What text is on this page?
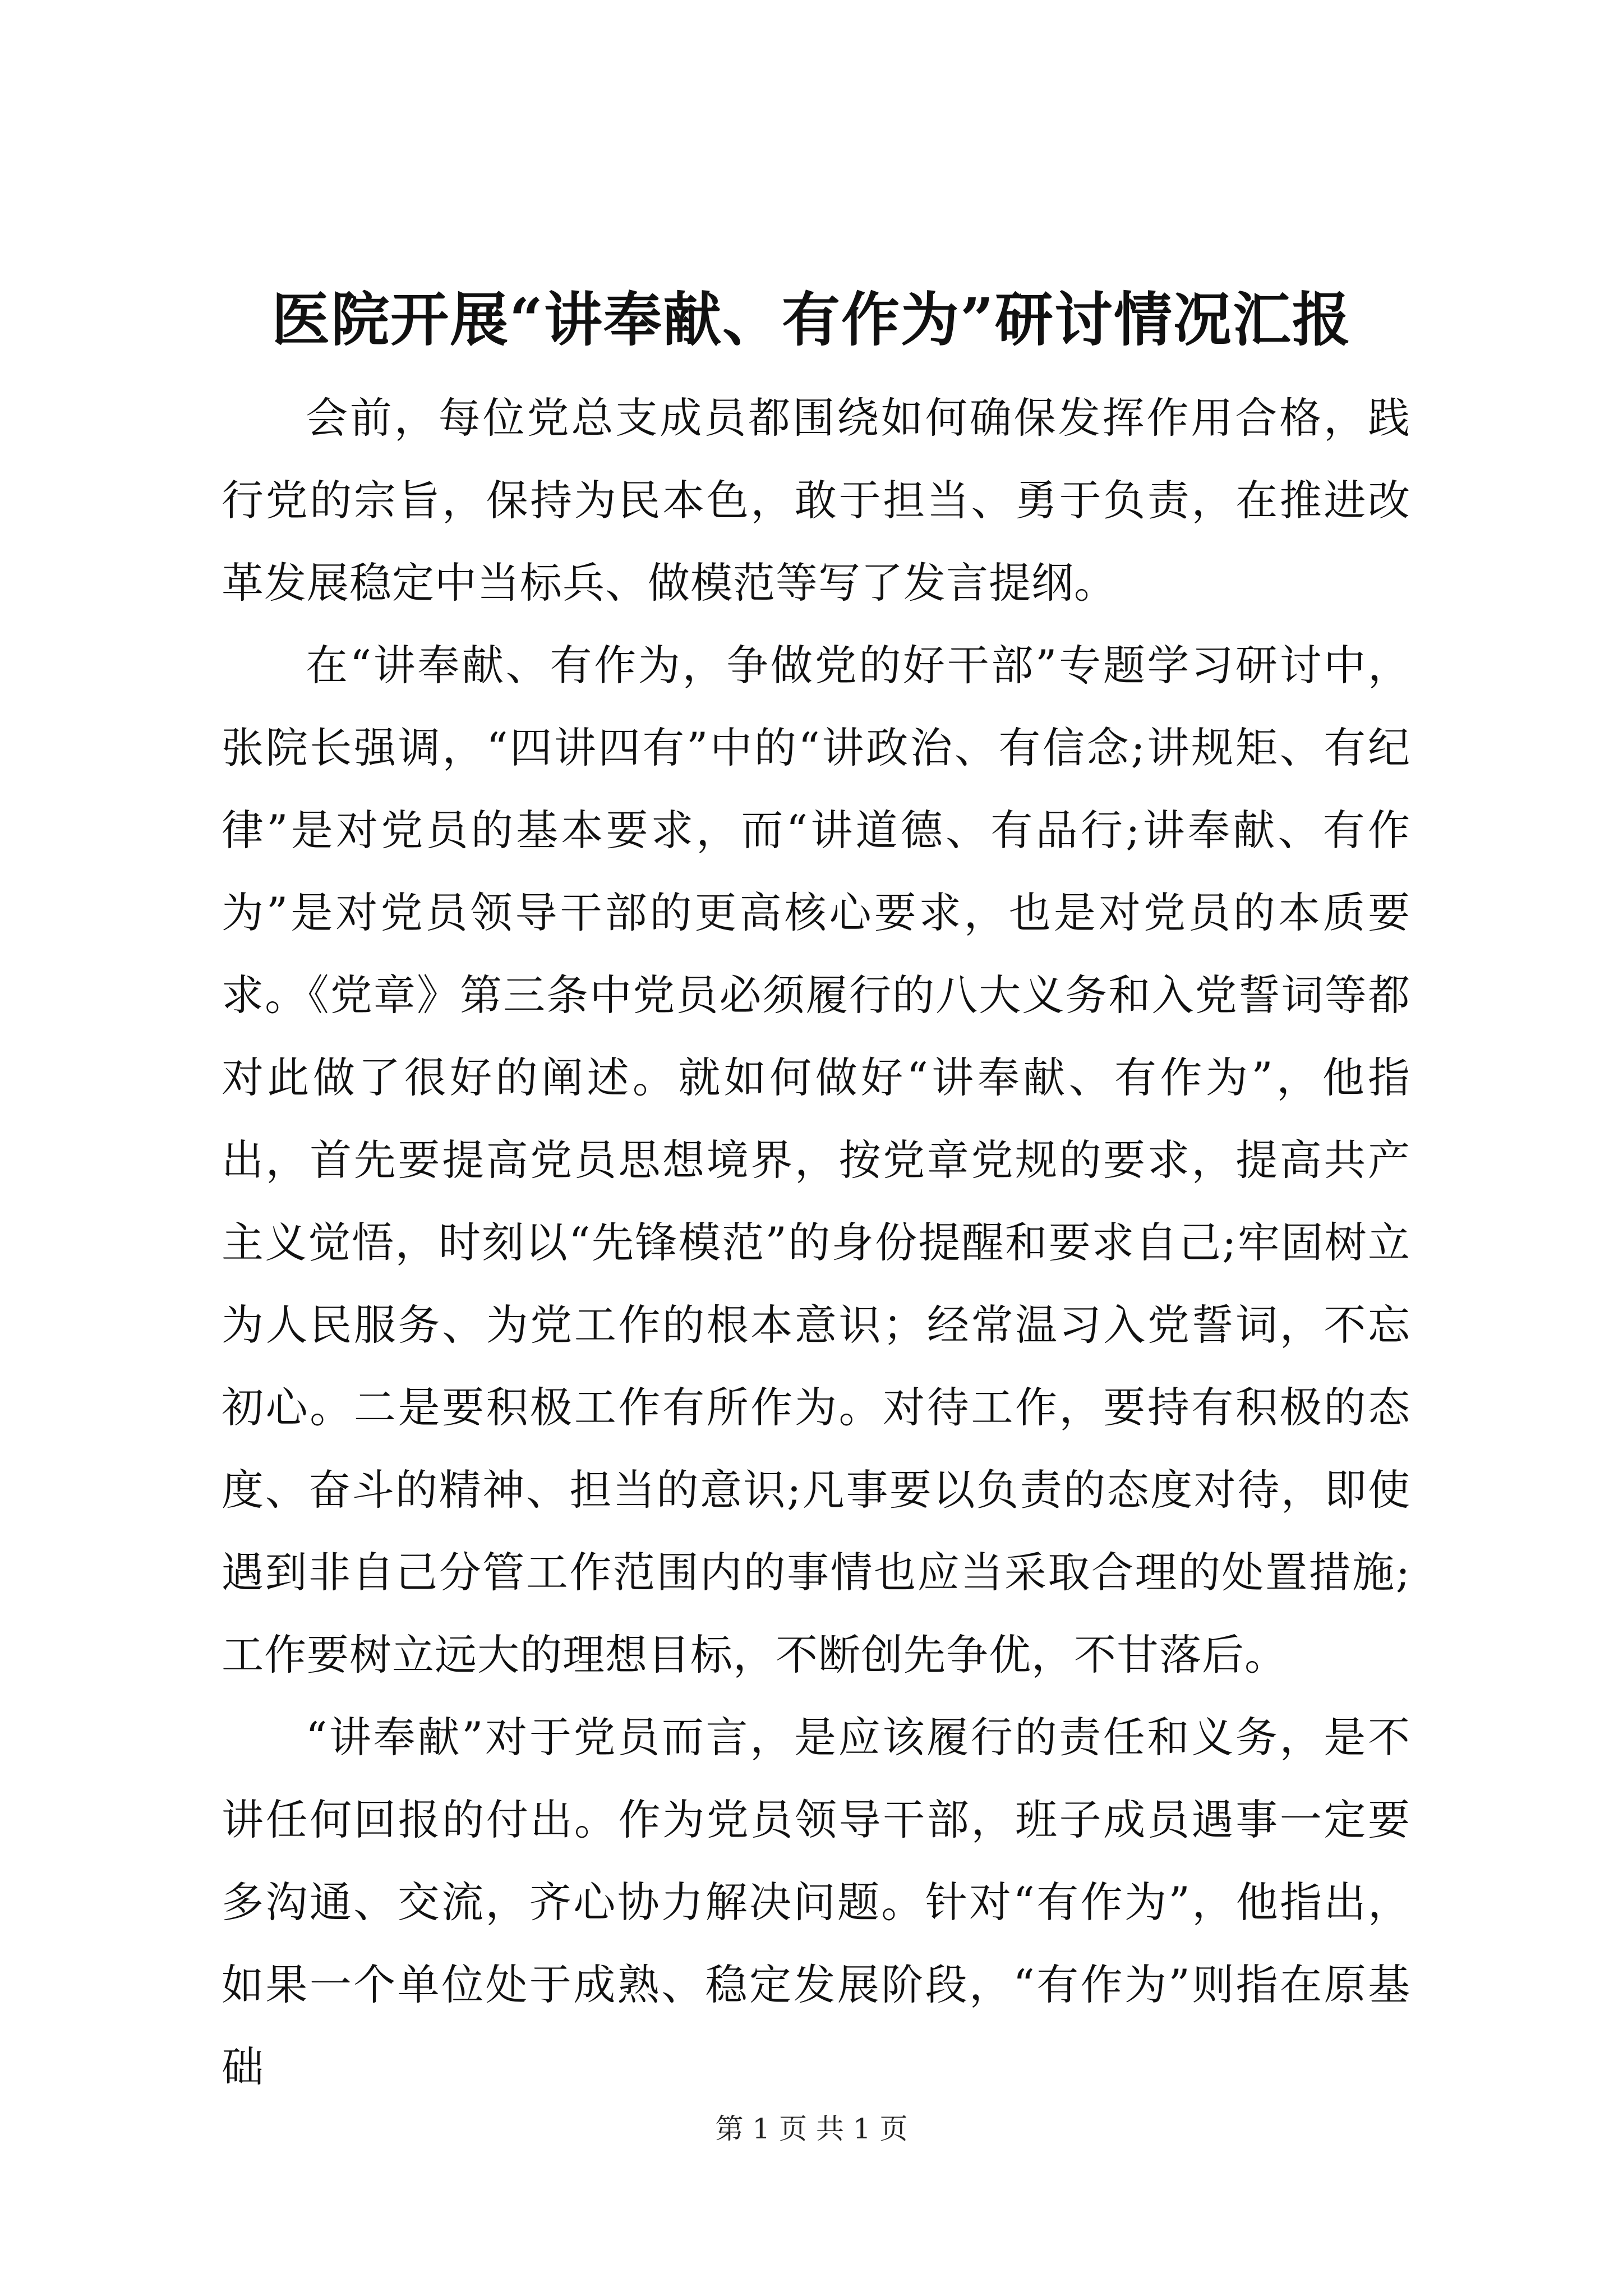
医院开展“讲奉献、有作为”研讨情况汇报

会前，每位党总支成员都围绕如何确保发挥作用合格，践行党的宗旨，保持为民本色，敢于担当、勇于负责，在推进改革发展稳定中当标兵、做模范等写了发言提纲。

在“讲奉献、有作为，争做党的好干部”专题学习研讨中，张院长强调，“四讲四有”中的“讲政治、有信念;讲规矩、有纪律”是对党员的基本要求，而“讲道德、有品行;讲奉献、有作为”是对党员领导干部的更高核心要求，也是对党员的本质要求。《党章》第三条中党员必须履行的八大义务和入党誓词等都对此做了很好的阐述。就如何做好“讲奉献、有作为”，他指出，首先要提高党员思想境界，按党章党规的要求，提高共产主义觉悟，时刻以“先锋模范”的身份提醒和要求自己;牢固树立为人民服务、为党工作的根本意识；经常温习入党誓词，不忘初心。二是要积极工作有所作为。对待工作，要持有积极的态度、奋斗的精神、担当的意识;凡事要以负责的态度对待，即使遇到非自己分管工作范围内的事情也应当采取合理的处置措施;工作要树立远大的理想目标，不断创先争优，不甘落后。

“讲奉献”对于党员而言，是应该履行的责任和义务，是不讲任何回报的付出。作为党员领导干部，班子成员遇事一定要多沟通、交流，齐心协力解决问题。针对“有作为”，他指出，如果一个单位处于成熟、稳定发展阶段，“有作为”则指在原基础

第 1 页 共 1 页
